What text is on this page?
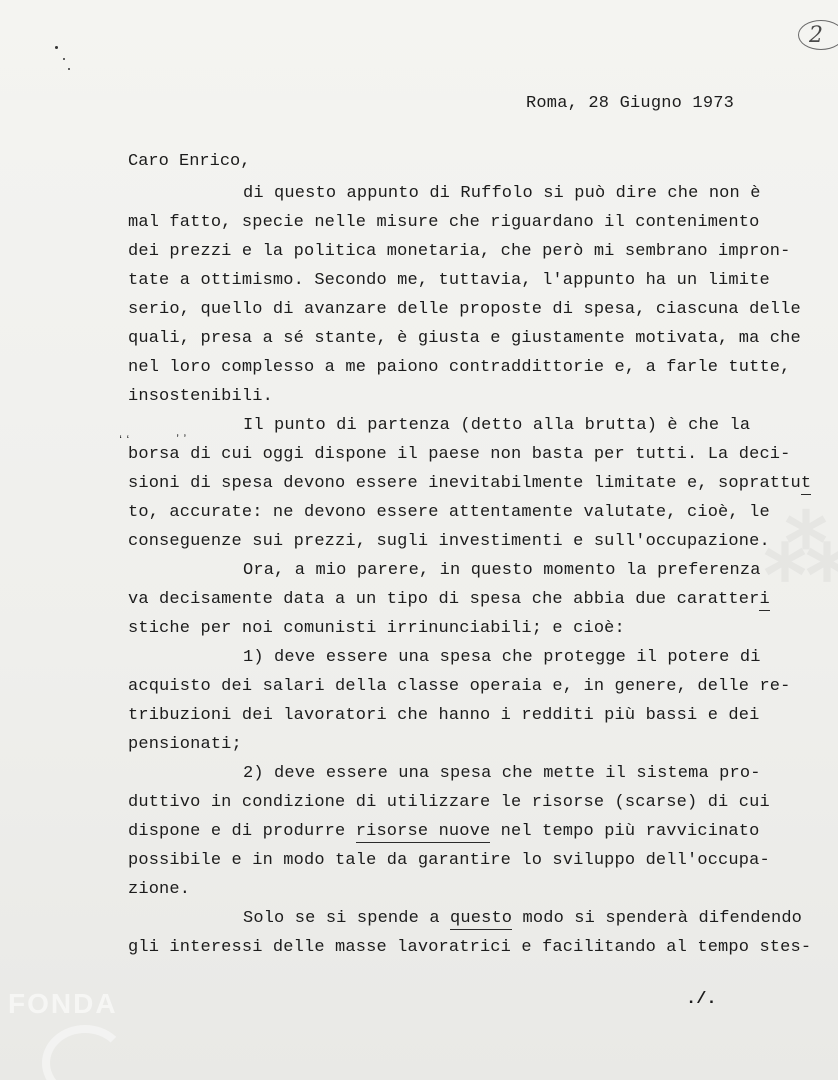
2
Roma, 28 Giugno 1973
Caro Enrico,
di questo appunto di Ruffolo si può dire che non è
mal fatto, specie nelle misure che riguardano il contenimento
dei prezzi e la politica monetaria, che però mi sembrano impron-
tate a ottimismo. Secondo me, tuttavia, l'appunto ha un limite
serio, quello di avanzare delle proposte di spesa, ciascuna delle
quali, presa a sé stante, è giusta e giustamente motivata, ma che
nel loro complesso a me paiono contraddittorie e, a farle tutte,
insostenibili.
Il punto di partenza (detto alla brutta) è che la
ʻʻ	ʼʼ
borsa di cui oggi dispone il paese non basta per tutti. La deci-
sioni di spesa devono essere inevitabilmente limitate e, soprattut
to, accurate: ne devono essere attentamente valutate, cioè, le
conseguenze sui prezzi, sugli investimenti e sull'occupazione.
Ora, a mio parere, in questo momento la preferenza
va decisamente data a un tipo di spesa che abbia due caratteri
stiche per noi comunisti irrinunciabili; e cioè:
1) deve essere una spesa che protegge il potere di
acquisto dei salari della classe operaia e, in genere, delle re-
tribuzioni dei lavoratori che hanno i redditi più bassi e dei
pensionati;
2) deve essere una spesa che mette il sistema pro-
duttivo in condizione di utilizzare le risorse (scarse) di cui
dispone e di produrre risorse nuove nel tempo più ravvicinato
possibile e in modo tale da garantire lo sviluppo dell'occupa-
zione.
Solo se si spende a questo modo si spenderà difendendo
gli interessi delle masse lavoratrici e facilitando al tempo stes-
./.
FONDA
